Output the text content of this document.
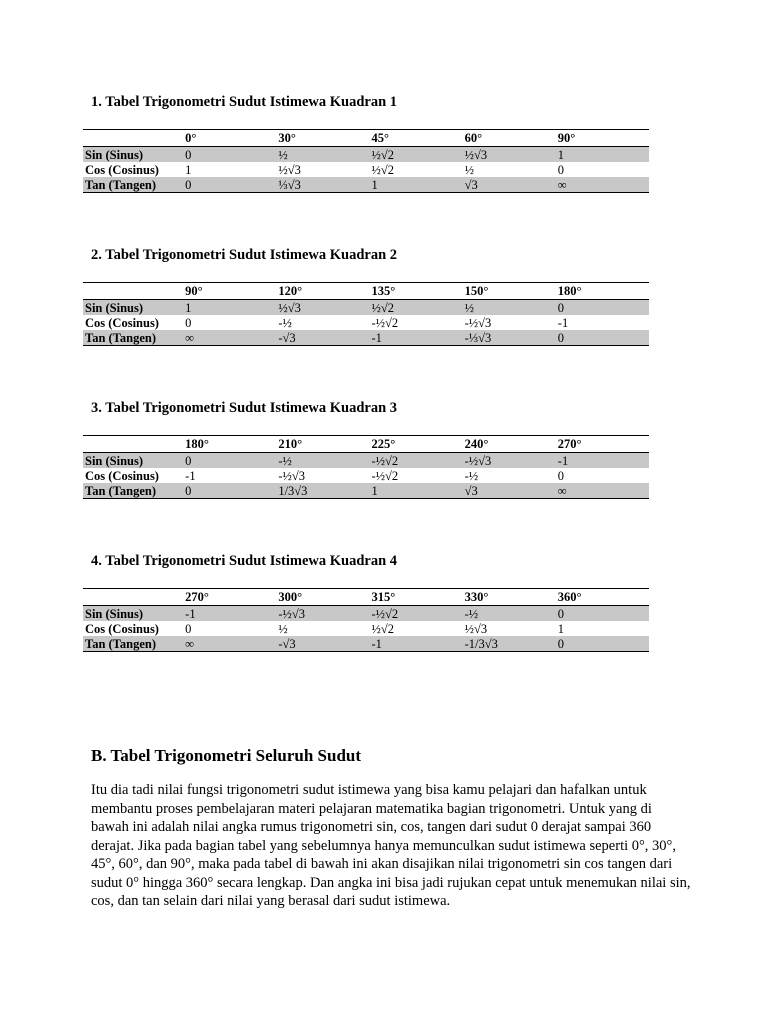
1. Tabel Trigonometri Sudut Istimewa Kuadran 1
	0°	30°	45°	60°	90°
Sin (Sinus)	0	½	½√2	½√3	1
Cos (Cosinus)	1	½√3	½√2	½	0
Tan (Tangen)	0	⅓√3	1	√3	∞
2. Tabel Trigonometri Sudut Istimewa Kuadran 2
	90°	120°	135°	150°	180°
Sin (Sinus)	1	½√3	½√2	½	0
Cos (Cosinus)	0	-½	-½√2	-½√3	-1
Tan (Tangen)	∞	-√3	-1	-⅓√3	0
3. Tabel Trigonometri Sudut Istimewa Kuadran 3
	180°	210°	225°	240°	270°
Sin (Sinus)	0	-½	-½√2	-½√3	-1
Cos (Cosinus)	-1	-½√3	-½√2	-½	0
Tan (Tangen)	0	1/3√3	1	√3	∞
4. Tabel Trigonometri Sudut Istimewa Kuadran 4
	270°	300°	315°	330°	360°
Sin (Sinus)	-1	-½√3	-½√2	-½	0
Cos (Cosinus)	0	½	½√2	½√3	1
Tan (Tangen)	∞	-√3	-1	-1/3√3	0
B. Tabel Trigonometri Seluruh Sudut

Itu dia tadi nilai fungsi trigonometri sudut istimewa yang bisa kamu pelajari dan hafalkan untuk membantu proses pembelajaran materi pelajaran matematika bagian trigonometri. Untuk yang di bawah ini adalah nilai angka rumus trigonometri sin, cos, tangen dari sudut 0 derajat sampai 360 derajat. Jika pada bagian tabel yang sebelumnya hanya memunculkan sudut istimewa seperti 0°, 30°, 45°, 60°, dan 90°, maka pada tabel di bawah ini akan disajikan nilai trigonometri sin cos tangen dari sudut 0° hingga 360° secara lengkap. Dan angka ini bisa jadi rujukan cepat untuk menemukan nilai sin, cos, dan tan selain dari nilai yang berasal dari sudut istimewa.
